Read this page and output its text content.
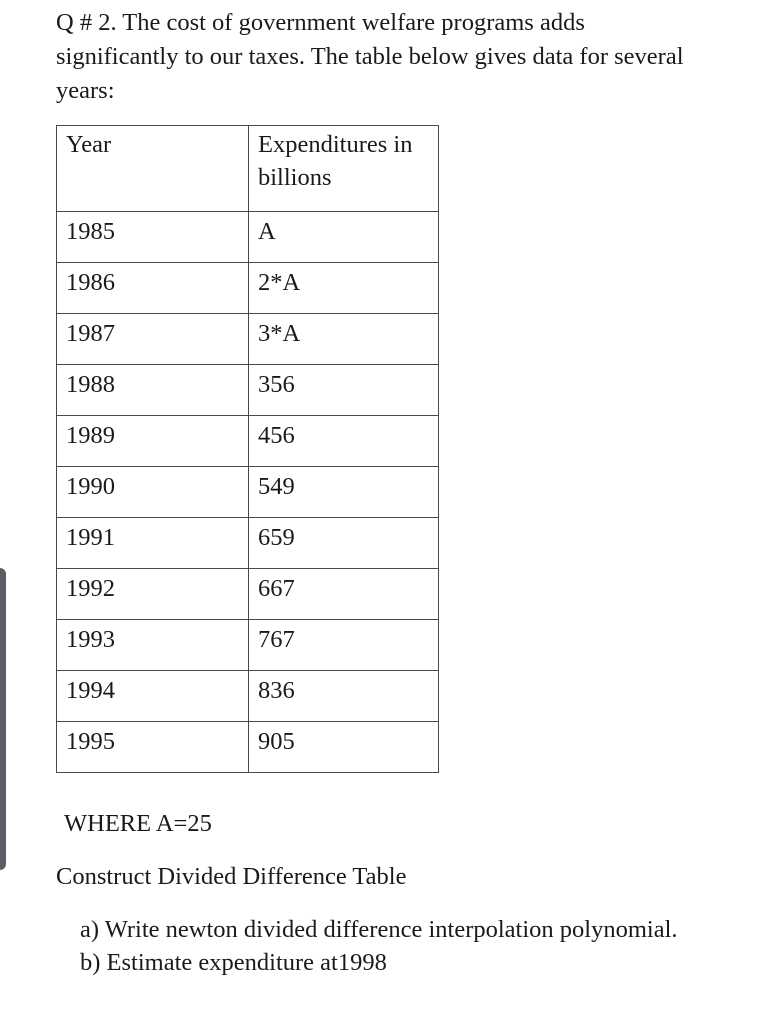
Q # 2. The cost of government welfare programs adds significantly to our taxes. The table below gives data for several years:

Year	Expenditures in billions
1985	A
1986	2*A
1987	3*A
1988	356
1989	456
1990	549
1991	659
1992	667
1993	767
1994	836
1995	905
WHERE A=25
Construct Divided Difference Table
a) Write newton divided difference interpolation polynomial.
b) Estimate expenditure at1998
